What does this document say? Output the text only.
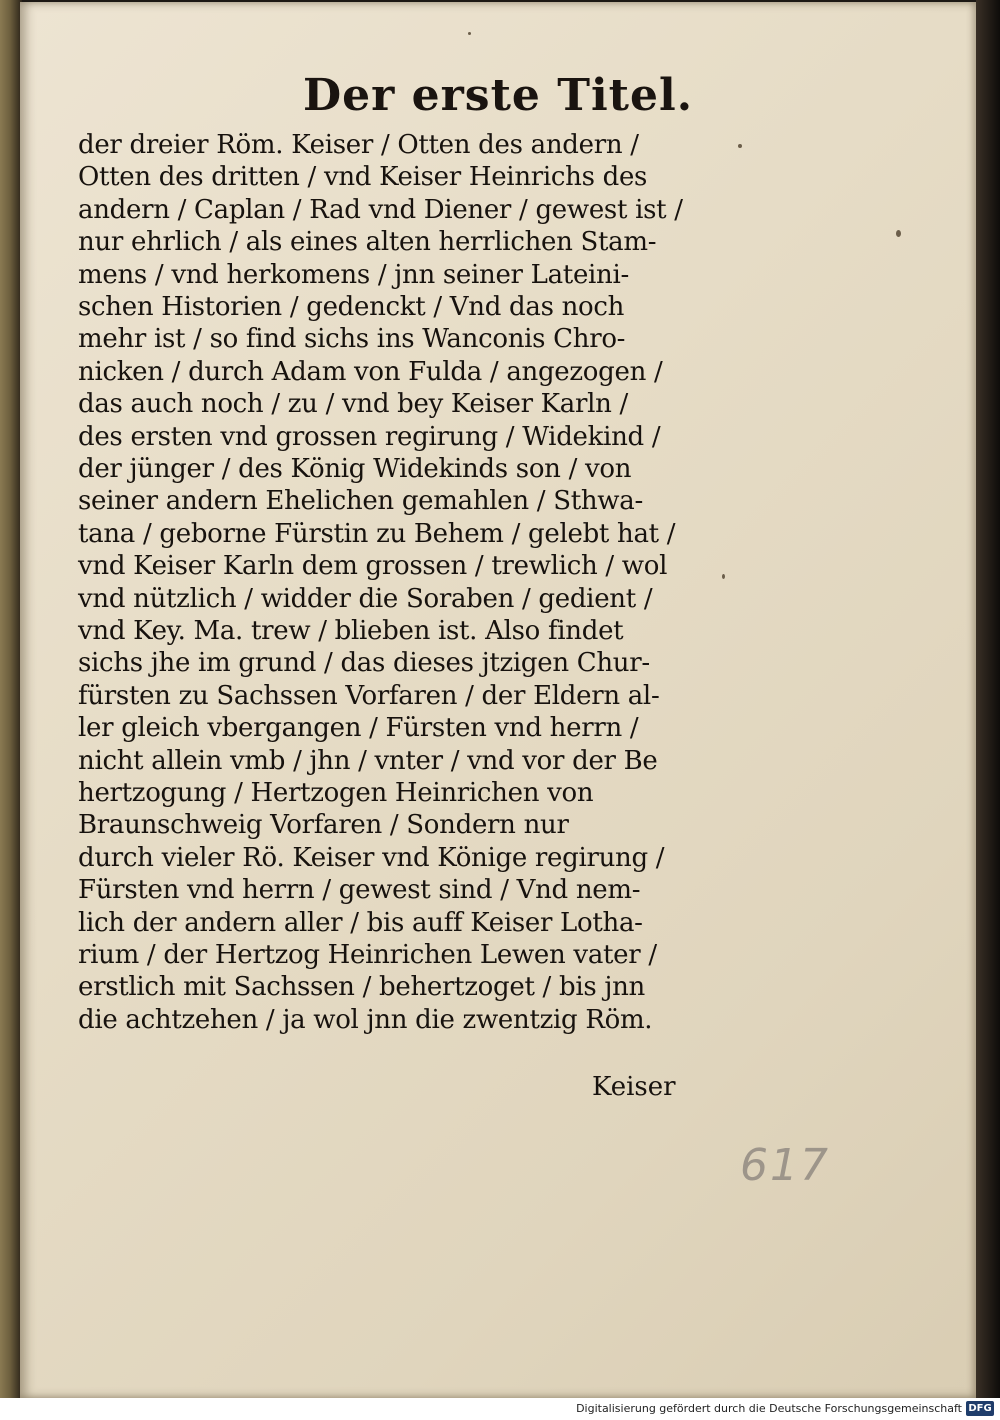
Der erste Titel.
der dreier Röm. Keiser / Otten des andern /
Otten des dritten / vnd Keiser Heinrichs des
andern / Caplan / Rad vnd Diener / gewest ist /
nur ehrlich / als eines alten herrlichen Stam-
mens / vnd herkomens / jnn seiner Lateini-
schen Historien / gedenckt / Vnd das noch
mehr ist / so find sichs ins Wanconis Chro-
nicken / durch Adam von Fulda / angezogen /
das auch noch / zu / vnd bey Keiser Karln /
des ersten vnd grossen regirung / Widekind /
der jünger / des König Widekinds son / von
seiner andern Ehelichen gemahlen / Sthwa-
tana / geborne Fürstin zu Behem / gelebt hat /
vnd Keiser Karln dem grossen / trewlich / wol
vnd nützlich / widder die Soraben / gedient /
vnd Key. Ma. trew / blieben ist. Also findet
sichs jhe im grund / das dieses jtzigen Chur-
fürsten zu Sachssen Vorfaren / der Eldern al-
ler gleich vbergangen / Fürsten vnd herrn /
nicht allein vmb / jhn / vnter / vnd vor der Be
hertzogung / Hertzogen Heinrichen von
Braunschweig Vorfaren / Sondern nur
durch vieler Rö. Keiser vnd Könige regirung /
Fürsten vnd herrn / gewest sind / Vnd nem-
lich der andern aller / bis auff Keiser Lotha-
rium / der Hertzog Heinrichen Lewen vater /
erstlich mit Sachssen / behertzoget / bis jnn
die achtzehen / ja wol jnn die zwentzig Röm.

Keiser

617
Digitalisierung gefördert durch die Deutsche Forschungsgemeinschaft DFG
